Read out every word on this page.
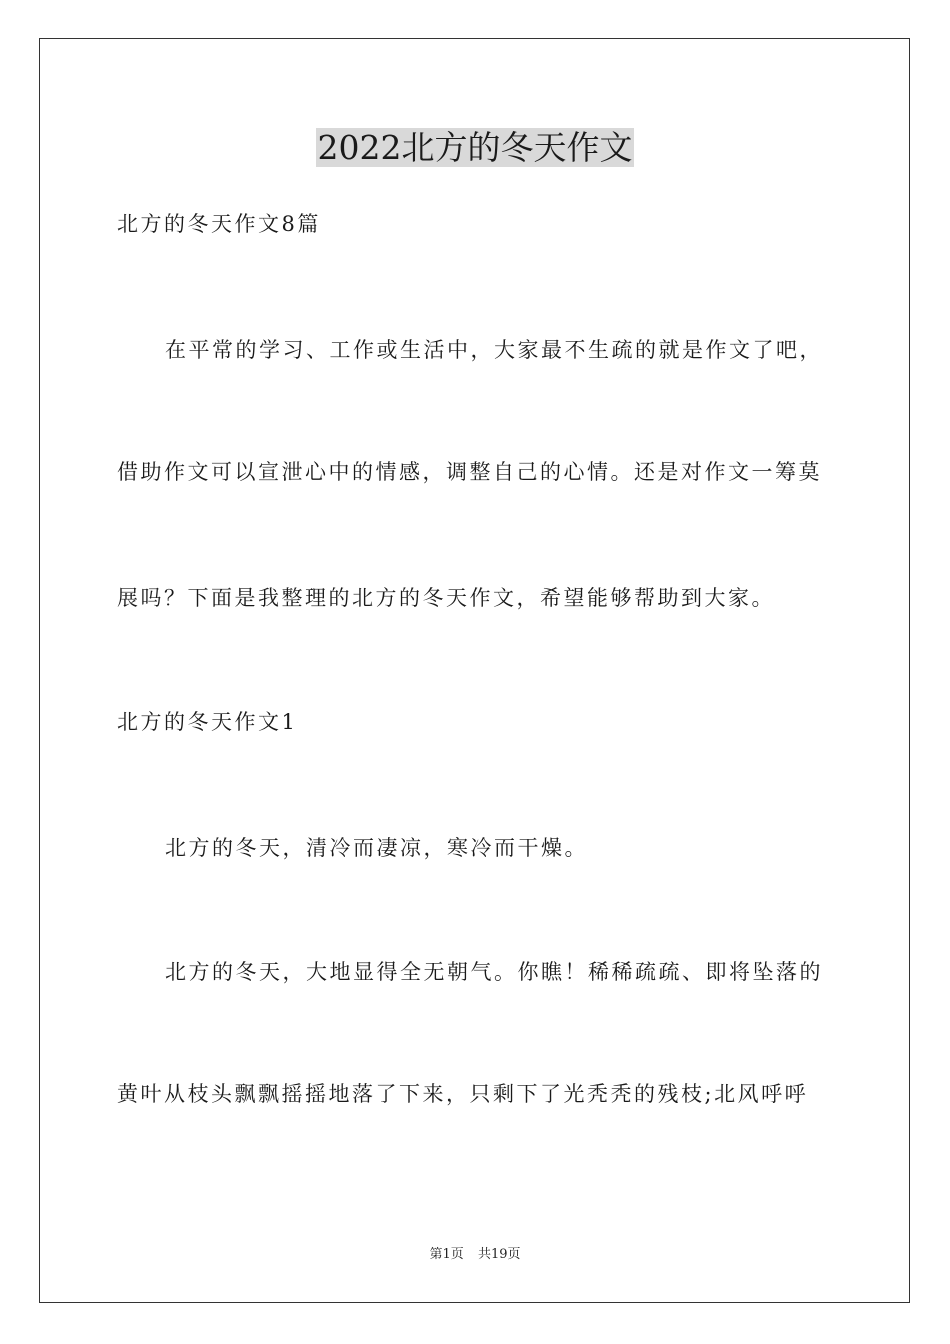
2022北方的冬天作文
北方的冬天作文8篇
在平常的学习、工作或生活中，大家最不生疏的就是作文了吧，
借助作文可以宣泄心中的情感，调整自己的心情。还是对作文一筹莫
展吗？下面是我整理的北方的冬天作文，希望能够帮助到大家。
北方的冬天作文1
北方的冬天，清冷而凄凉，寒冷而干燥。
北方的冬天，大地显得全无朝气。你瞧！稀稀疏疏、即将坠落的
黄叶从枝头飘飘摇摇地落了下来，只剩下了光秃秃的残枝;北风呼呼
第1页 共19页
